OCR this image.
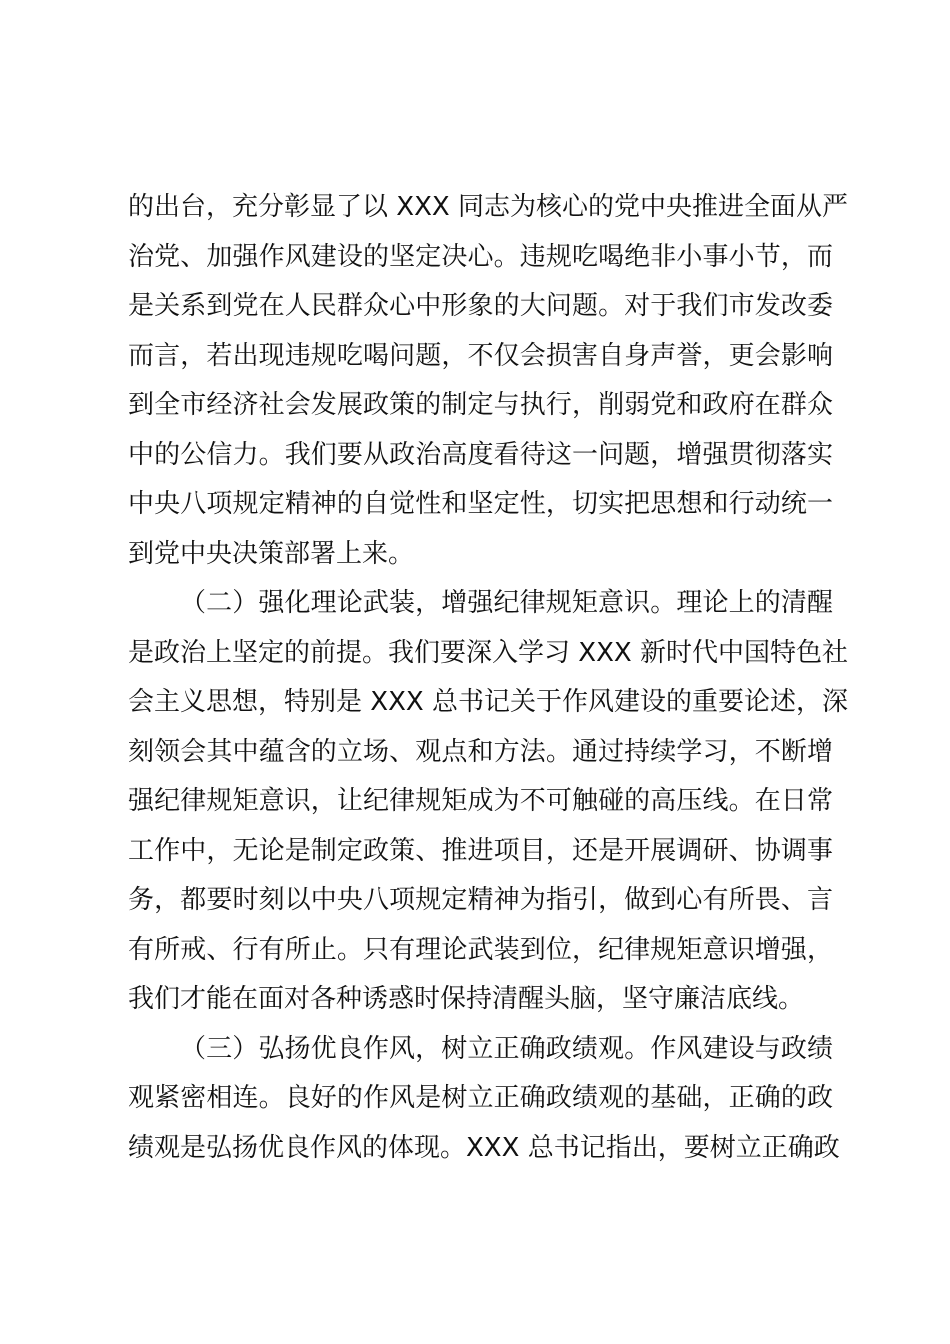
的出台，充分彰显了以 XXX 同志为核心的党中央推进全面从严
治党、加强作风建设的坚定决心。违规吃喝绝非小事小节，而
是关系到党在人民群众心中形象的大问题。对于我们市发改委
而言，若出现违规吃喝问题，不仅会损害自身声誉，更会影响
到全市经济社会发展政策的制定与执行，削弱党和政府在群众
中的公信力。我们要从政治高度看待这一问题，增强贯彻落实
中央八项规定精神的自觉性和坚定性，切实把思想和行动统一
到党中央决策部署上来。
（二）强化理论武装，增强纪律规矩意识。理论上的清醒
是政治上坚定的前提。我们要深入学习 XXX 新时代中国特色社
会主义思想，特别是 XXX 总书记关于作风建设的重要论述，深
刻领会其中蕴含的立场、观点和方法。通过持续学习，不断增
强纪律规矩意识，让纪律规矩成为不可触碰的高压线。在日常
工作中，无论是制定政策、推进项目，还是开展调研、协调事
务，都要时刻以中央八项规定精神为指引，做到心有所畏、言
有所戒、行有所止。只有理论武装到位，纪律规矩意识增强，
我们才能在面对各种诱惑时保持清醒头脑，坚守廉洁底线。
（三）弘扬优良作风，树立正确政绩观。作风建设与政绩
观紧密相连。良好的作风是树立正确政绩观的基础，正确的政
绩观是弘扬优良作风的体现。XXX 总书记指出，要树立正确政
